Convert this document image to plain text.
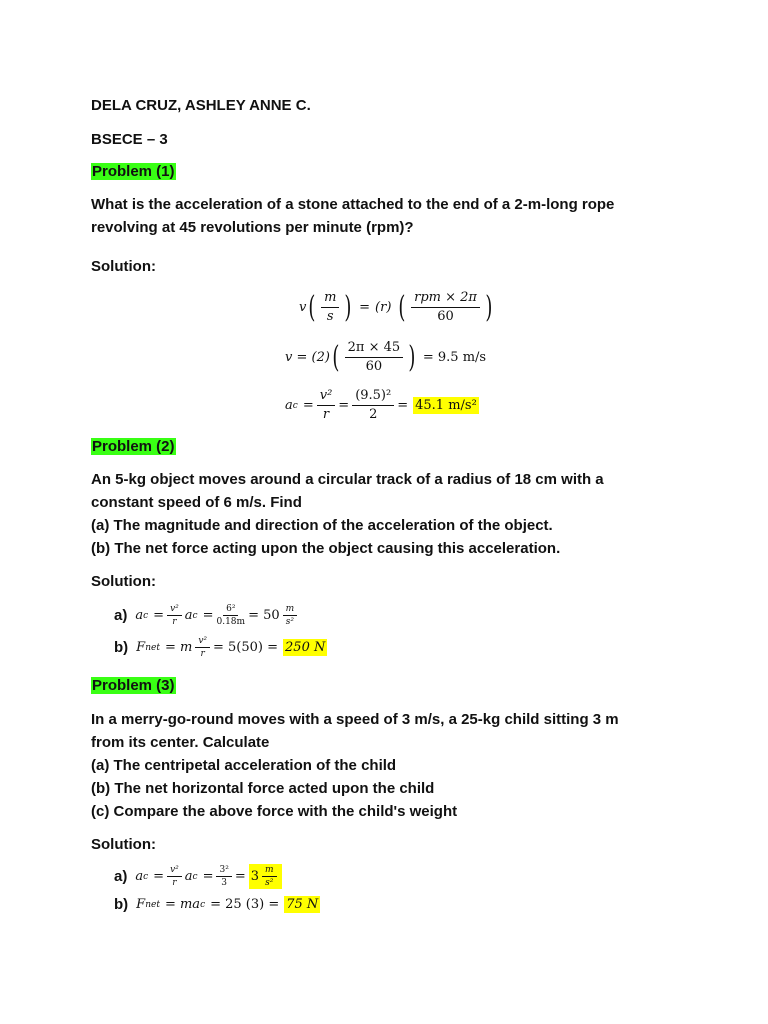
DELA CRUZ, ASHLEY ANNE C.
BSECE – 3
Problem (1)
What is the acceleration of a stone attached to the end of a 2-m-long rope
revolving at 45 revolutions per minute (rpm)?
Solution:
v ( $\frac{m}{s}$ ) = (r) ( $\frac{\text{rpm × 2π}}{60}$ )
v = (2) ( $\frac{2\pi \times 45}{60}$ ) = 9.5 m/s
a $c = \frac{\text{v²}}{r} = \frac{\text{(9.5)²}}{2} = 45.1$ m/s²
Problem (2)
An 5-kg object moves around a circular track of a radius of 18 cm with a
constant speed of 6 m/s. Find
(a) The magnitude and direction of the acceleration of the object.
(b) The net force acting upon the object causing this acceleration.
Solution:
a) a $c = \frac{\text{v²}}{r}$ a $c = \frac{\text{6²}}{0.18m} = 50 \frac{m}{\text{s²}}$
b) F net = m $\frac{\text{v²}}{r} = 5(50) = 250$ N
Problem (3)
In a merry-go-round moves with a speed of 3 m/s, a 25-kg child sitting 3 m
from its center. Calculate
(a) The centripetal acceleration of the child
(b) The net horizontal force acted upon the child
(c) Compare the above force with the child's weight
Solution:
a) a $c = \frac{\text{v²}}{r}$ a $c = \frac{\text{3²}}{3} = 3 \frac{m}{\text{s²}}$
b) F net = ma c = 25 (3) = 75 N
